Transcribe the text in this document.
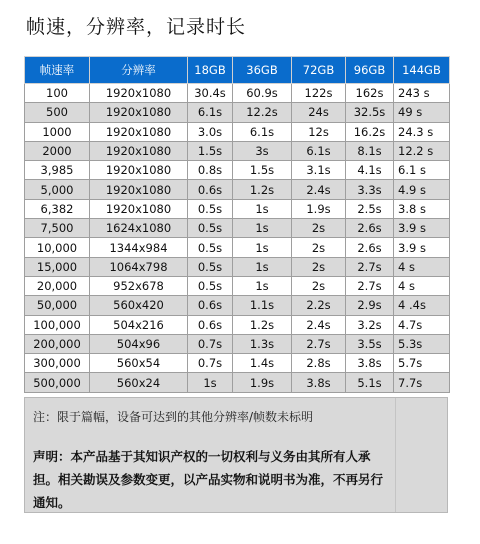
帧速，分辨率，记录时长
帧速率	分辨率	18GB	36GB	72GB	96GB	144GB
100	1920x1080	30.4s	60.9s	122s	162s	243 s
500	1920x1080	6.1s	12.2s	24s	32.5s	49 s
1000	1920x1080	3.0s	6.1s	12s	16.2s	24.3 s
2000	1920x1080	1.5s	3s	6.1s	8.1s	12.2 s
3,985	1920x1080	0.8s	1.5s	3.1s	4.1s	6.1 s
5,000	1920x1080	0.6s	1.2s	2.4s	3.3s	4.9 s
6,382	1920x1080	0.5s	1s	1.9s	2.5s	3.8 s
7,500	1624x1080	0.5s	1s	2s	2.6s	3.9 s
10,000	1344x984	0.5s	1s	2s	2.6s	3.9 s
15,000	1064x798	0.5s	1s	2s	2.7s	4 s
20,000	952x678	0.5s	1s	2s	2.7s	4 s
50,000	560x420	0.6s	1.1s	2.2s	2.9s	4 .4s
100,000	504x216	0.6s	1.2s	2.4s	3.2s	4.7s
200,000	504x96	0.7s	1.3s	2.7s	3.5s	5.3s
300,000	560x54	0.7s	1.4s	2.8s	3.8s	5.7s
500,000	560x24	1s	1.9s	3.8s	5.1s	7.7s
注：限于篇幅，设备可达到的其他分辨率/帧数未标明
声明：本产品基于其知识产权的一切权利与义务由其所有人承担。相关勘误及参数变更，以产品实物和说明书为准，不再另行通知。
